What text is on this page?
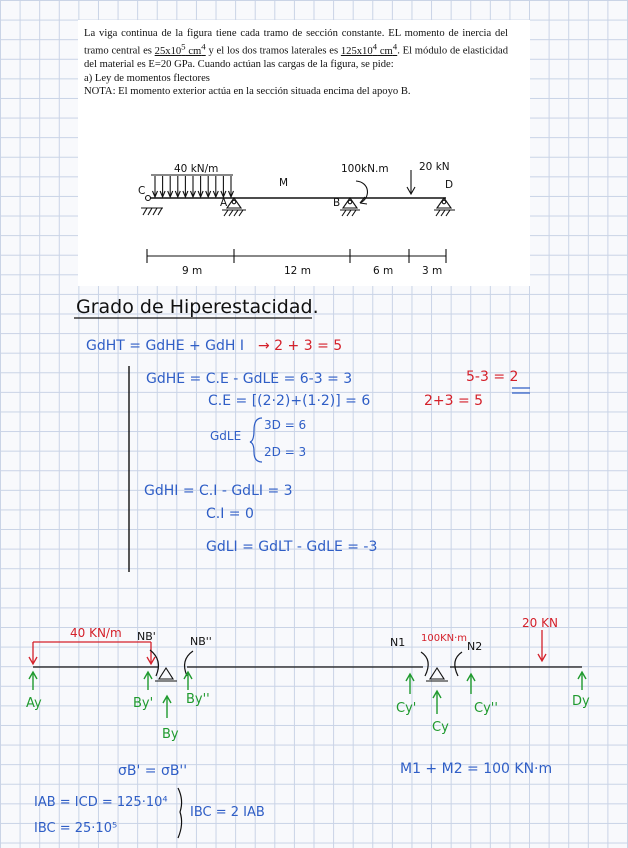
La viga continua de la figura tiene cada tramo de sección constante. EL momento de inercia del tramo central es $25x10^5$ $cm^4$ y el los dos tramos laterales es $125x10^4$ $cm^4$. El módulo de elasticidad del material es E=20 GPa. Cuando actúan las cargas de la figura, se pide:

a) Ley de momentos flectores

NOTA: El momento exterior actúa en la sección situada encima del apoyo B.

40 kN/m
M
100kN.m	20 kN
C
A	B
D
9 m	12 m	6 m	3 m
Grado de Hiperestacidad.
GdHT = GdHE + GdH I
GdHE = C.E - GdLE = 6-3 = 3
C.E = [(2·2)+(1·2)] = 6
GdLE
3D = 6
2D = 3
GdHI = C.I - GdLI = 3
C.I = 0
GdLI = GdLT - GdLE = -3
→ 2 + 3 = 5
5-3 = 2
2+3 = 5
40 KN/m	100KN·m
20 KN
NB'	NB''	N1	N2
Ay	By'	By''
By
Cy'
Cy
Cy''	Dy
σB' = σB''	M1 + M2 = 100 KN·m
IAB = ICD = 125·10⁴
IBC = 25·10⁵
IBC = 2 IAB
